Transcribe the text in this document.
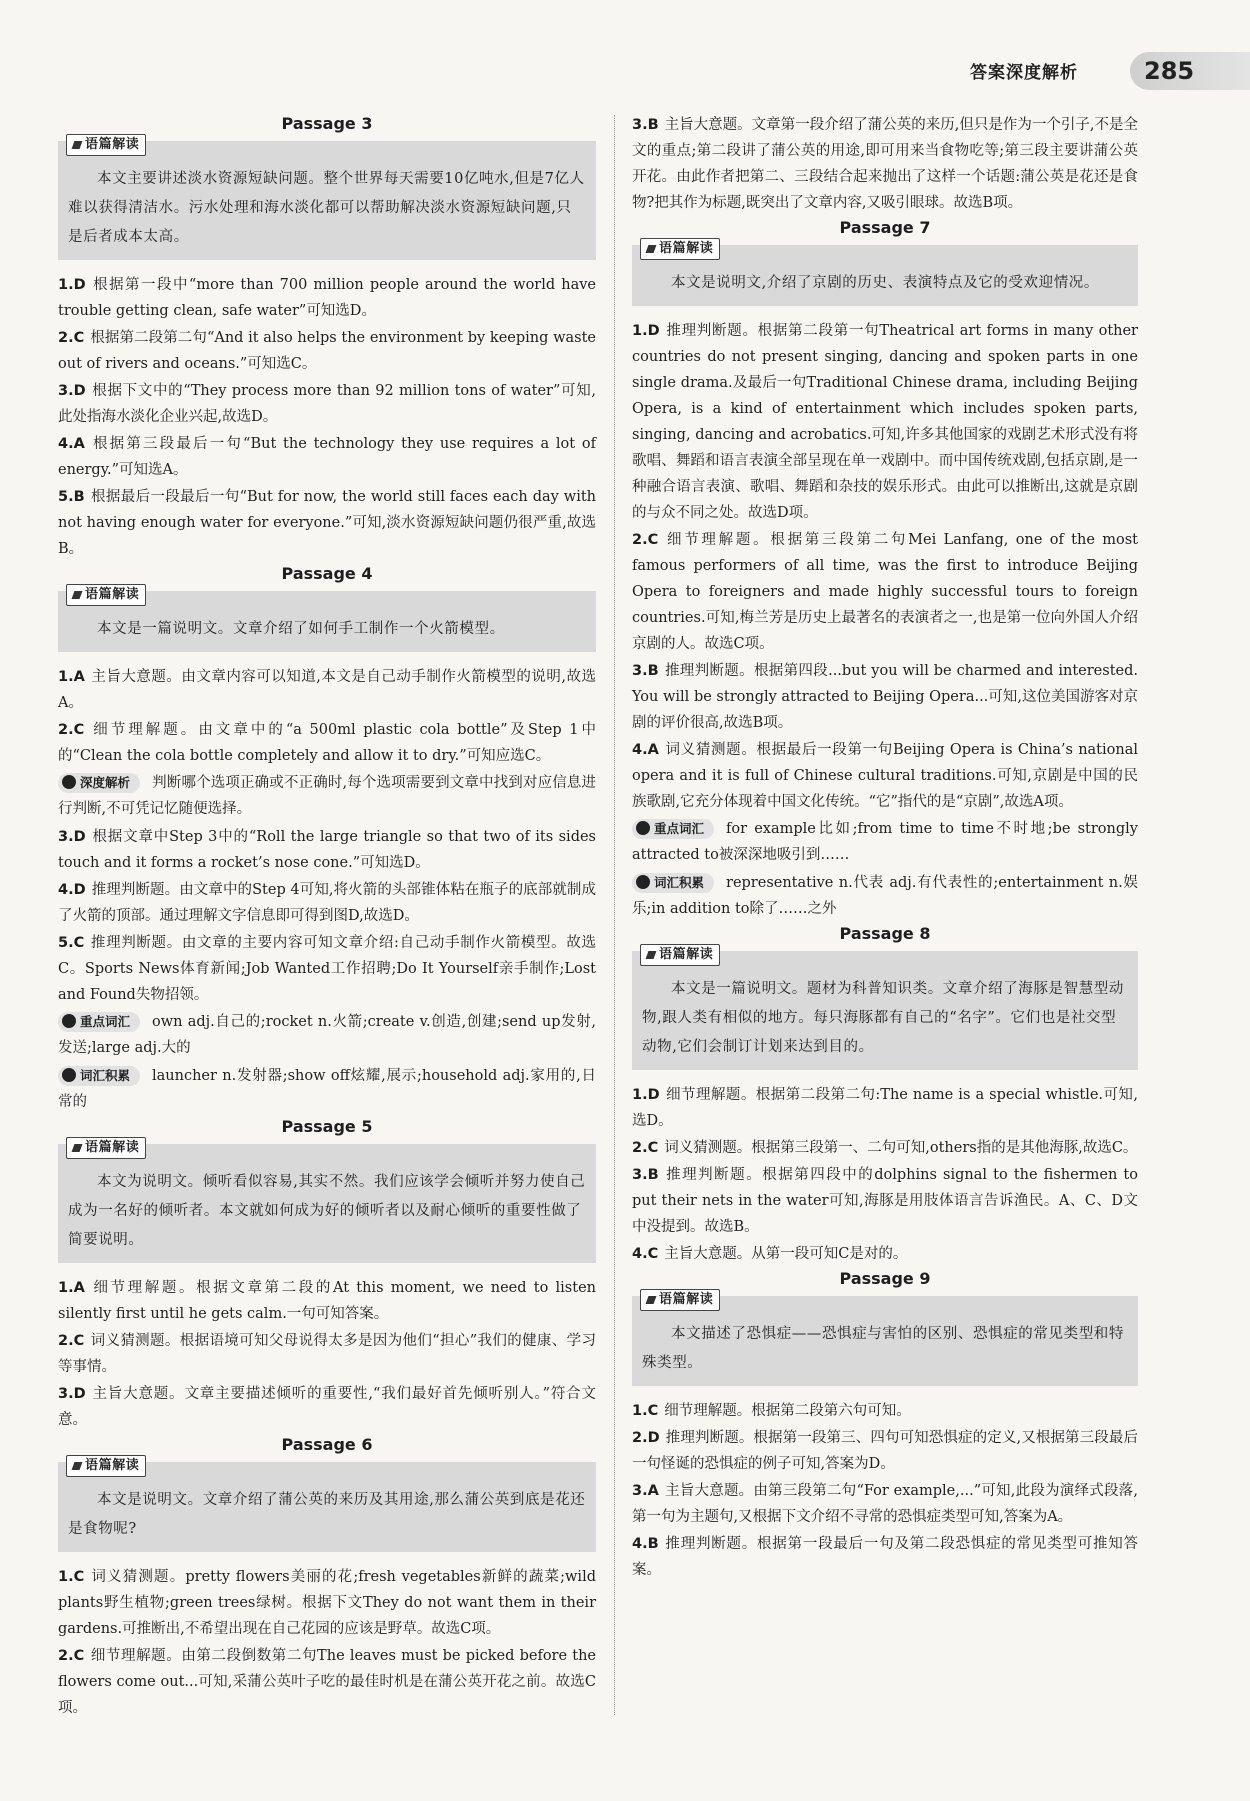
答案深度解析	285
Passage 3
语篇解读
本文主要讲述淡水资源短缺问题。整个世界每天需要10亿吨水,但是7亿人难以获得清洁水。污水处理和海水淡化都可以帮助解决淡水资源短缺问题,只是后者成本太高。
1.D 根据第一段中“more than 700 million people around the world have trouble getting clean, safe water”可知选D。
2.C 根据第二段第二句“And it also helps the environment by keeping waste out of rivers and oceans.”可知选C。
3.D 根据下文中的“They process more than 92 million tons of water”可知,此处指海水淡化企业兴起,故选D。
4.A 根据第三段最后一句“But the technology they use requires a lot of energy.”可知选A。
5.B 根据最后一段最后一句“But for now, the world still faces each day with not having enough water for everyone.”可知,淡水资源短缺问题仍很严重,故选B。
Passage 4
语篇解读
本文是一篇说明文。文章介绍了如何手工制作一个火箭模型。
1.A 主旨大意题。由文章内容可以知道,本文是自己动手制作火箭模型的说明,故选A。
2.C 细节理解题。由文章中的“a 500ml plastic cola bottle”及Step 1中的“Clean the cola bottle completely and allow it to dry.”可知应选C。
深度解析 判断哪个选项正确或不正确时,每个选项需要到文章中找到对应信息进行判断,不可凭记忆随便选择。
3.D 根据文章中Step 3中的“Roll the large triangle so that two of its sides touch and it forms a rocket’s nose cone.”可知选D。
4.D 推理判断题。由文章中的Step 4可知,将火箭的头部锥体粘在瓶子的底部就制成了火箭的顶部。通过理解文字信息即可得到图D,故选D。
5.C 推理判断题。由文章的主要内容可知文章介绍:自己动手制作火箭模型。故选C。Sports News体育新闻;Job Wanted工作招聘;Do It Yourself亲手制作;Lost and Found失物招领。
重点词汇 own adj.自己的;rocket n.火箭;create v.创造,创建;send up发射,发送;large adj.大的
词汇积累 launcher n.发射器;show off炫耀,展示;household adj.家用的,日常的
Passage 5
语篇解读
本文为说明文。倾听看似容易,其实不然。我们应该学会倾听并努力使自己成为一名好的倾听者。本文就如何成为好的倾听者以及耐心倾听的重要性做了简要说明。
1.A 细节理解题。根据文章第二段的At this moment, we need to listen silently first until he gets calm.一句可知答案。
2.C 词义猜测题。根据语境可知父母说得太多是因为他们“担心”我们的健康、学习等事情。
3.D 主旨大意题。文章主要描述倾听的重要性,“我们最好首先倾听别人。”符合文意。
Passage 6
语篇解读
本文是说明文。文章介绍了蒲公英的来历及其用途,那么蒲公英到底是花还是食物呢?
1.C 词义猜测题。pretty flowers美丽的花;fresh vegetables新鲜的蔬菜;wild plants野生植物;green trees绿树。根据下文They do not want them in their gardens.可推断出,不希望出现在自己花园的应该是野草。故选C项。
2.C 细节理解题。由第二段倒数第二句The leaves must be picked before the flowers come out...可知,采蒲公英叶子吃的最佳时机是在蒲公英开花之前。故选C项。
3.B 主旨大意题。文章第一段介绍了蒲公英的来历,但只是作为一个引子,不是全文的重点;第二段讲了蒲公英的用途,即可用来当食物吃等;第三段主要讲蒲公英开花。由此作者把第二、三段结合起来抛出了这样一个话题:蒲公英是花还是食物?把其作为标题,既突出了文章内容,又吸引眼球。故选B项。
Passage 7
语篇解读
本文是说明文,介绍了京剧的历史、表演特点及它的受欢迎情况。
1.D 推理判断题。根据第二段第一句Theatrical art forms in many other countries do not present singing, dancing and spoken parts in one single drama.及最后一句Traditional Chinese drama, including Beijing Opera, is a kind of entertainment which includes spoken parts, singing, dancing and acrobatics.可知,许多其他国家的戏剧艺术形式没有将歌唱、舞蹈和语言表演全部呈现在单一戏剧中。而中国传统戏剧,包括京剧,是一种融合语言表演、歌唱、舞蹈和杂技的娱乐形式。由此可以推断出,这就是京剧的与众不同之处。故选D项。
2.C 细节理解题。根据第三段第二句Mei Lanfang, one of the most famous performers of all time, was the first to introduce Beijing Opera to foreigners and made highly successful tours to foreign countries.可知,梅兰芳是历史上最著名的表演者之一,也是第一位向外国人介绍京剧的人。故选C项。
3.B 推理判断题。根据第四段...but you will be charmed and interested. You will be strongly attracted to Beijing Opera...可知,这位美国游客对京剧的评价很高,故选B项。
4.A 词义猜测题。根据最后一段第一句Beijing Opera is China’s national opera and it is full of Chinese cultural traditions.可知,京剧是中国的民族歌剧,它充分体现着中国文化传统。“它”指代的是“京剧”,故选A项。
重点词汇 for example比如;from time to time不时地;be strongly attracted to被深深地吸引到……
词汇积累 representative n.代表 adj.有代表性的;entertainment n.娱乐;in addition to除了……之外
Passage 8
语篇解读
本文是一篇说明文。题材为科普知识类。文章介绍了海豚是智慧型动物,跟人类有相似的地方。每只海豚都有自己的“名字”。它们也是社交型动物,它们会制订计划来达到目的。
1.D 细节理解题。根据第二段第二句:The name is a special whistle.可知,选D。
2.C 词义猜测题。根据第三段第一、二句可知,others指的是其他海豚,故选C。
3.B 推理判断题。根据第四段中的dolphins signal to the fishermen to put their nets in the water可知,海豚是用肢体语言告诉渔民。A、C、D文中没提到。故选B。
4.C 主旨大意题。从第一段可知C是对的。
Passage 9
语篇解读
本文描述了恐惧症——恐惧症与害怕的区别、恐惧症的常见类型和特殊类型。
1.C 细节理解题。根据第二段第六句可知。
2.D 推理判断题。根据第一段第三、四句可知恐惧症的定义,又根据第三段最后一句怪诞的恐惧症的例子可知,答案为D。
3.A 主旨大意题。由第三段第二句“For example,...”可知,此段为演绎式段落,第一句为主题句,又根据下文介绍不寻常的恐惧症类型可知,答案为A。
4.B 推理判断题。根据第一段最后一句及第二段恐惧症的常见类型可推知答案。
